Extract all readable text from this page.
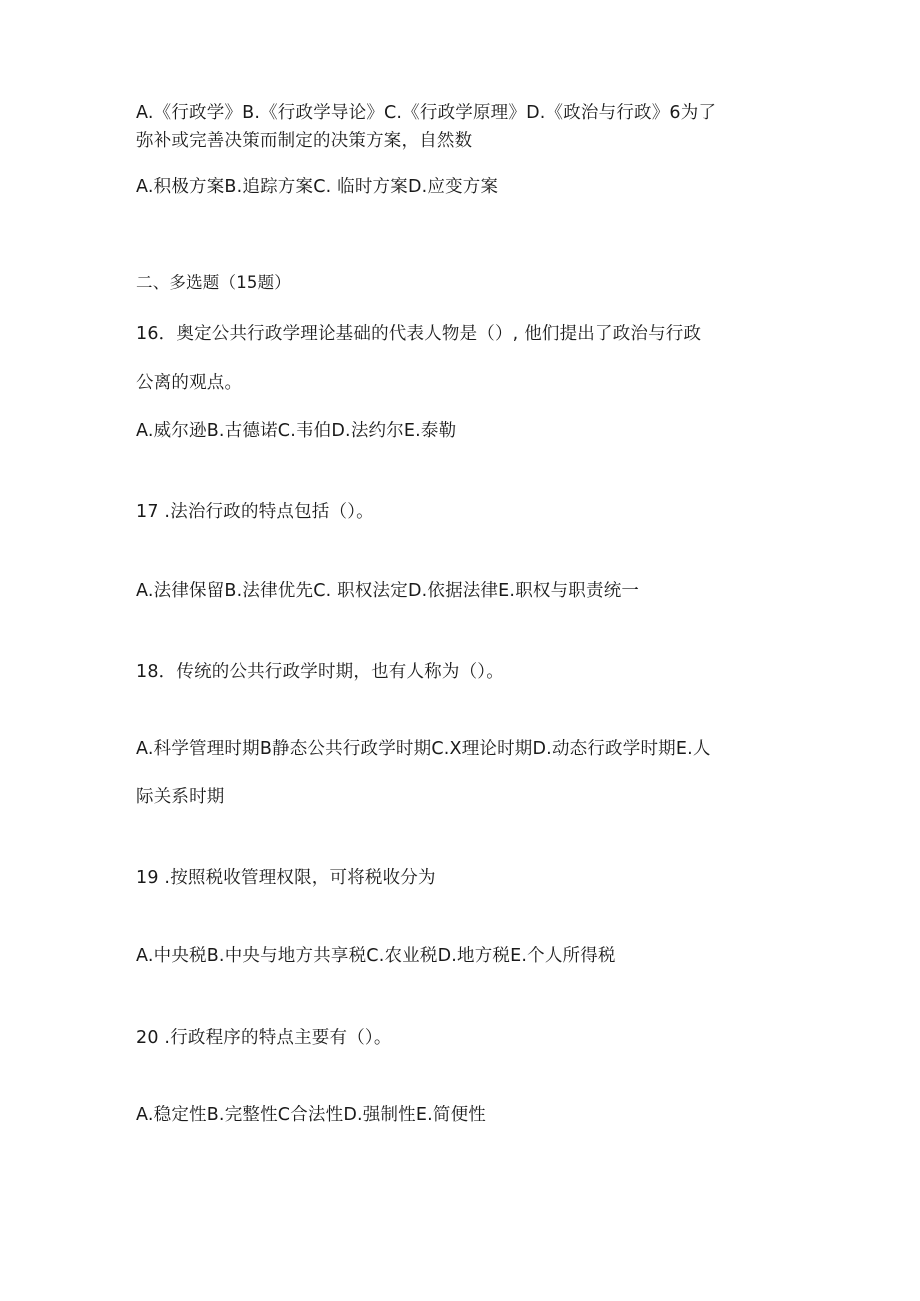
A.《行政学》B.《行政学导论》C.《行政学原理》D.《政治与行政》6为了
弥补或完善决策而制定的决策方案，自然数
A.积极方案B.追踪方案C. 临时方案D.应变方案
二、多选题（15题）
16．奥定公共行政学理论基础的代表人物是（）, 他们提出了政治与行政
公离的观点。
A.威尔逊B.古德诺C.韦伯D.法约尔E.泰勒
17 .法治行政的特点包括（）。
A.法律保留B.法律优先C. 职权法定D.依据法律E.职权与职责统一
18．传统的公共行政学时期，也有人称为（）。
A.科学管理时期B静态公共行政学时期C.X理论时期D.动态行政学时期E.人
际关系时期
19 .按照税收管理权限，可将税收分为
A.中央税B.中央与地方共享税C.农业税D.地方税E.个人所得税
20 .行政程序的特点主要有（）。
A.稳定性B.完整性C合法性D.强制性E.简便性
